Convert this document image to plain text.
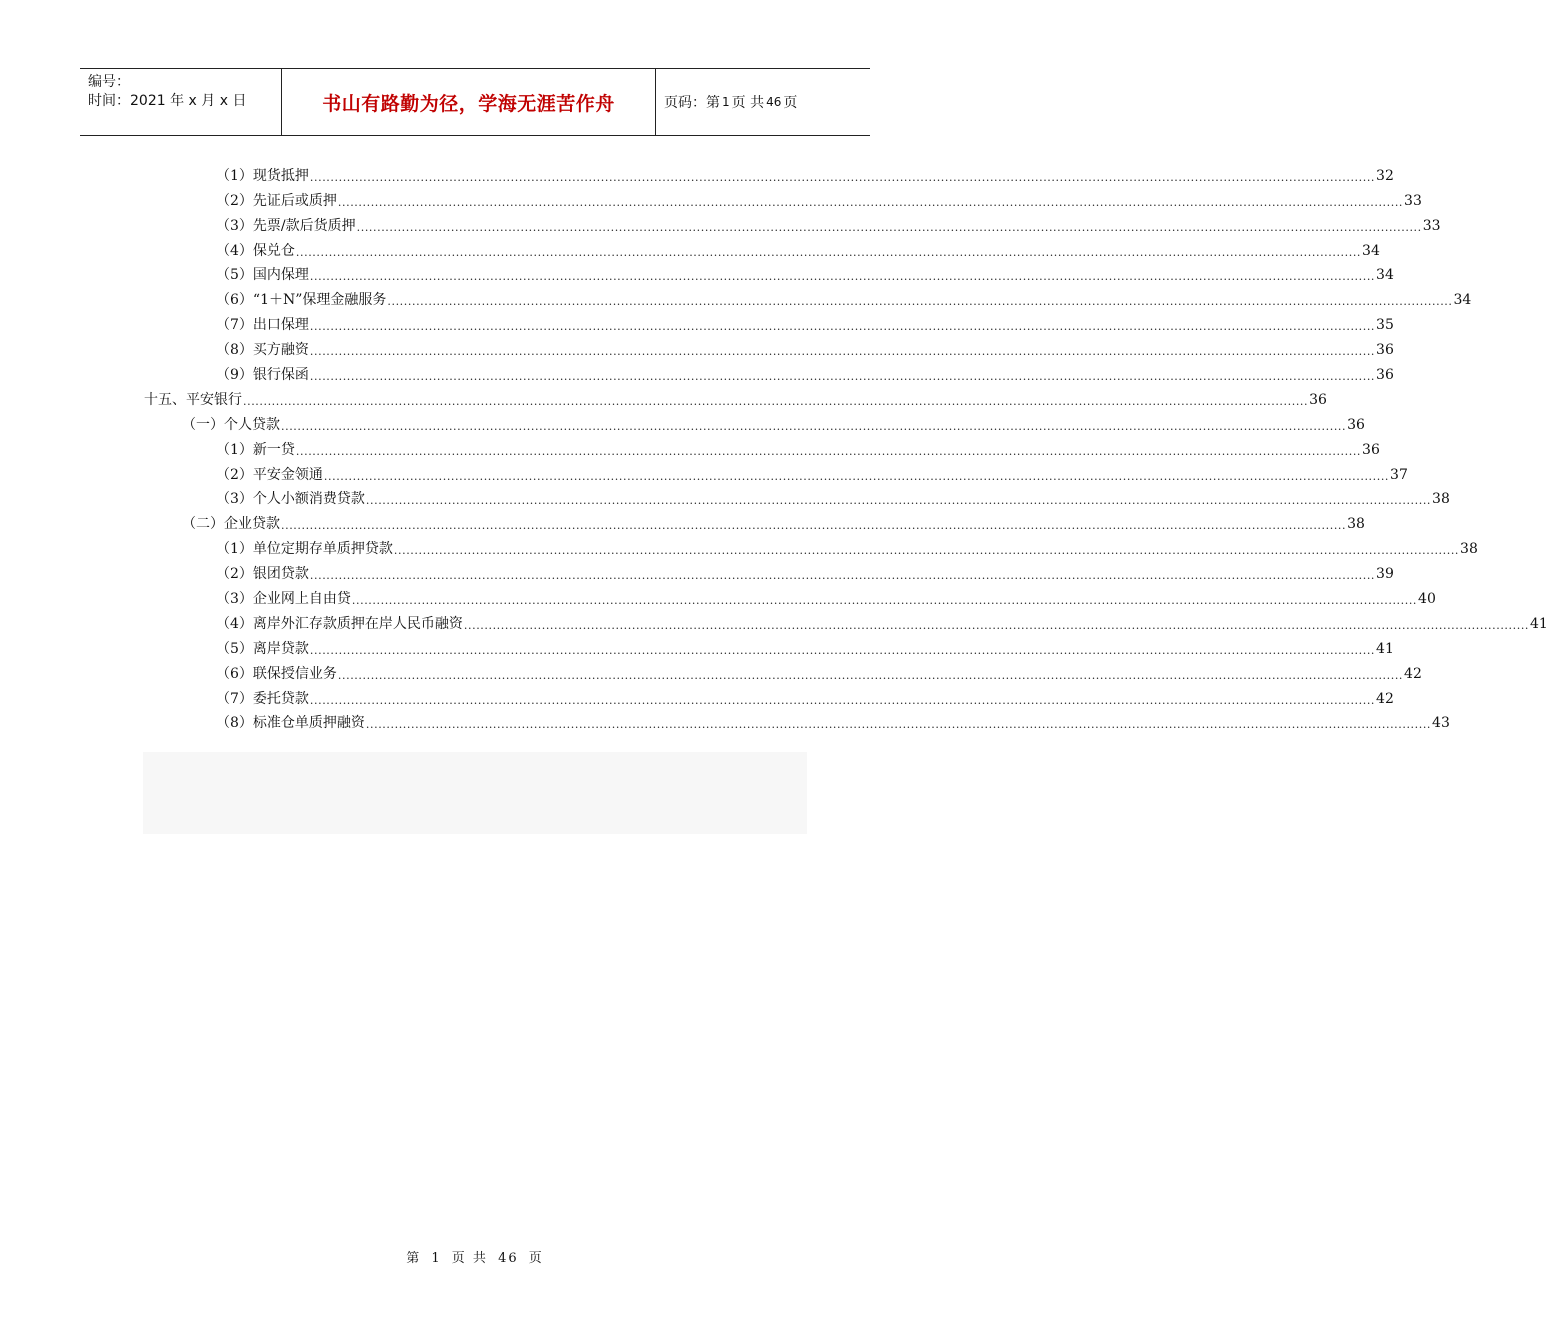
编号：
时间：2021 年 x 月 x 日	书山有路勤为径，学海无涯苦作舟	页码：第 1 页 共 46 页
（1）现货抵押 .................................................................................................................................................................................................................................................................... 32
（2）先证后或质押 .................................................................................................................................................................................................................................................................... 33
（3）先票/款后货质押 .................................................................................................................................................................................................................................................................... 33
（4）保兑仓 .................................................................................................................................................................................................................................................................... 34
（5）国内保理 .................................................................................................................................................................................................................................................................... 34
（6）“1＋N”保理金融服务 .................................................................................................................................................................................................................................................................... 34
（7）出口保理 .................................................................................................................................................................................................................................................................... 35
（8）买方融资 .................................................................................................................................................................................................................................................................... 36
（9）银行保函 .................................................................................................................................................................................................................................................................... 36
十五、平安银行 .................................................................................................................................................................................................................................................................... 36
（一）个人贷款 .................................................................................................................................................................................................................................................................... 36
（1）新一贷 .................................................................................................................................................................................................................................................................... 36
（2）平安金领通 .................................................................................................................................................................................................................................................................... 37
（3）个人小额消费贷款 .................................................................................................................................................................................................................................................................... 38
（二）企业贷款 .................................................................................................................................................................................................................................................................... 38
（1）单位定期存单质押贷款 .................................................................................................................................................................................................................................................................... 38
（2）银团贷款 .................................................................................................................................................................................................................................................................... 39
（3）企业网上自由贷 .................................................................................................................................................................................................................................................................... 40
（4）离岸外汇存款质押在岸人民币融资 .................................................................................................................................................................................................................................................................... 41
（5）离岸贷款 .................................................................................................................................................................................................................................................................... 41
（6）联保授信业务 .................................................................................................................................................................................................................................................................... 42
（7）委托贷款 .................................................................................................................................................................................................................................................................... 42
（8）标准仓单质押融资 .................................................................................................................................................................................................................................................................... 43
第 1 页 共 46 页
